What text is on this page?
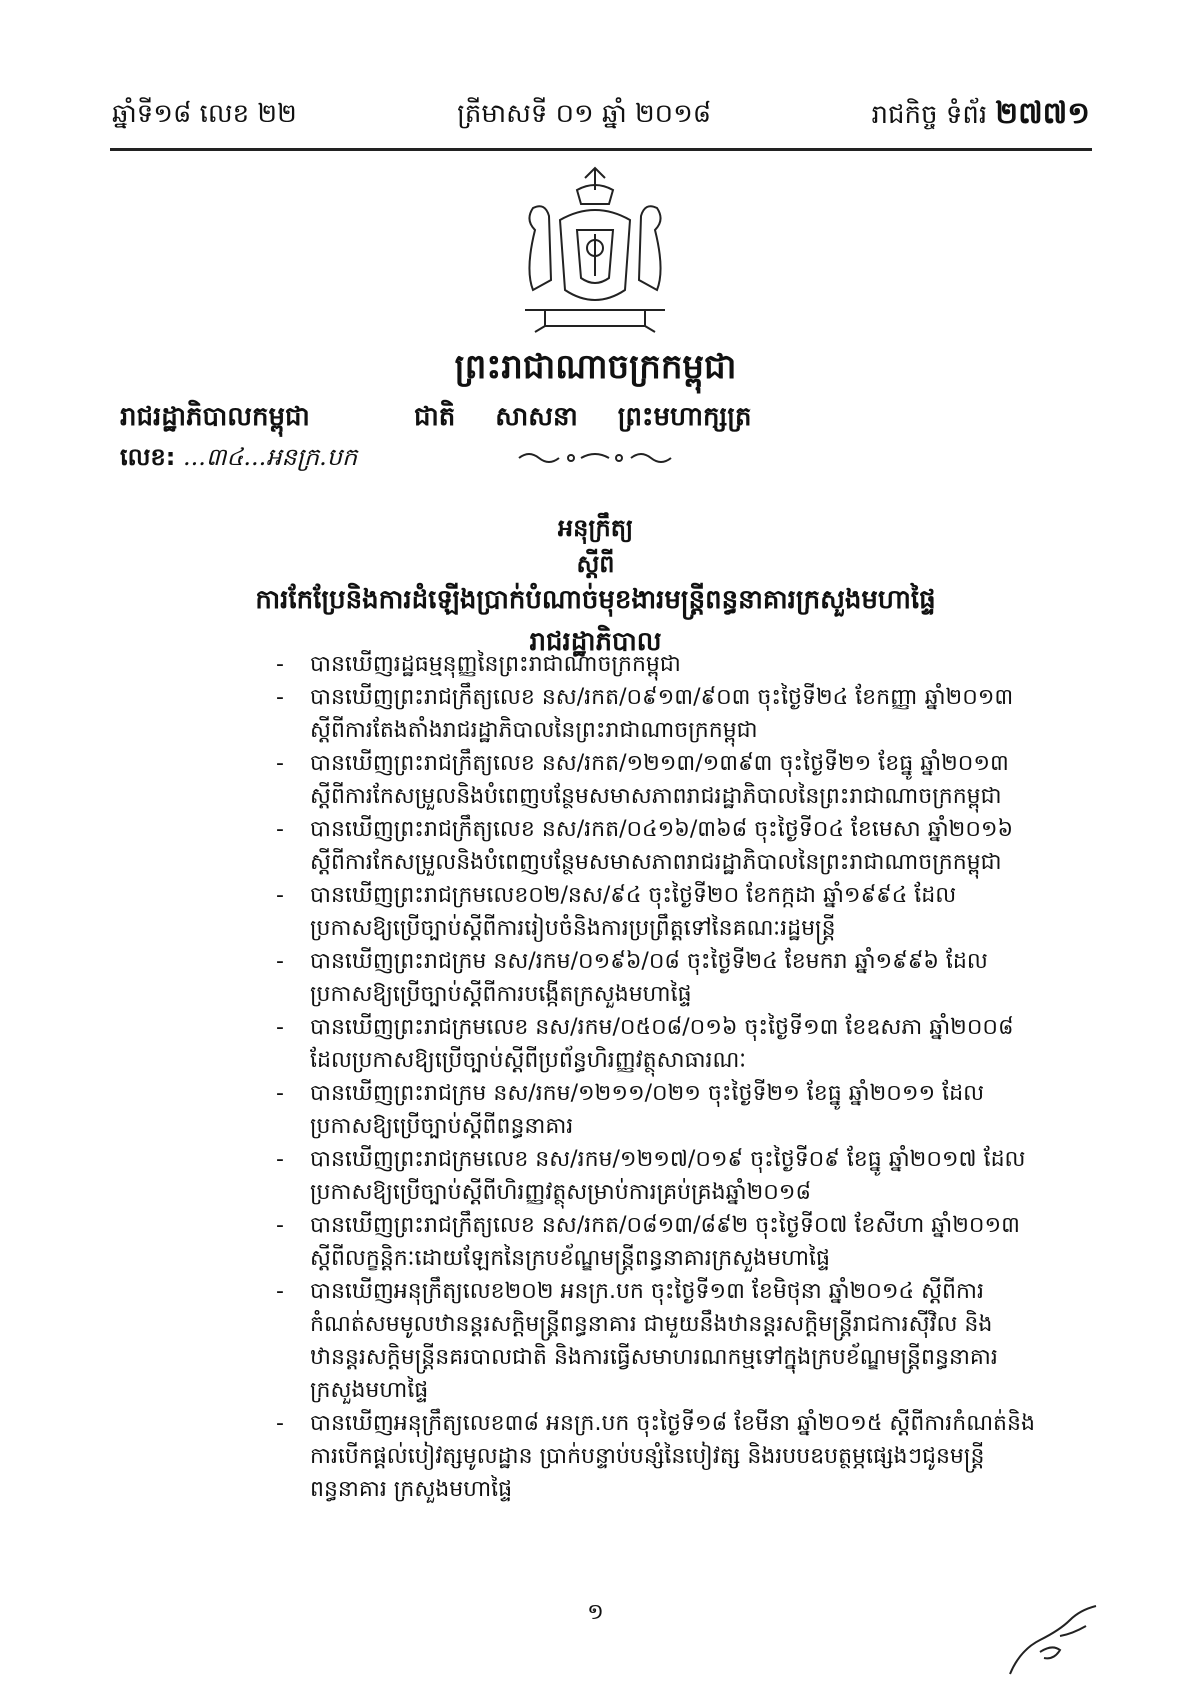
ឆ្នាំទី១៨ លេខ ២២	ត្រីមាសទី ០១ ឆ្នាំ ២០១៨	រាជកិច្ច ទំព័រ ២៧៧១
ព្រះរាជាណាចក្រកម្ពុជា
រាជរដ្ឋាភិបាលកម្ពុជា	ជាតិ សាសនា ព្រះមហាក្សត្រ
លេខ: ...៣៤...អនក្រ.បក
អនុក្រឹត្យ
ស្តីពី
ការកែប្រែនិងការដំឡើងប្រាក់បំណាច់មុខងារមន្ត្រីពន្ធនាគារក្រសួងមហាផ្ទៃ
រាជរដ្ឋាភិបាល
- បានឃើញរដ្ឋធម្មនុញ្ញនៃព្រះរាជាណាចក្រកម្ពុជា
- បានឃើញព្រះរាជក្រឹត្យលេខ នស/រកត/០៩១៣/៩០៣ ចុះថ្ងៃទី២៤ ខែកញ្ញា ឆ្នាំ២០១៣ ស្តីពីការតែងតាំងរាជរដ្ឋាភិបាលនៃព្រះរាជាណាចក្រកម្ពុជា
- បានឃើញព្រះរាជក្រឹត្យលេខ នស/រកត/១២១៣/១៣៩៣ ចុះថ្ងៃទី២១ ខែធ្នូ ឆ្នាំ២០១៣ ស្តីពីការកែសម្រួលនិងបំពេញបន្ថែមសមាសភាពរាជរដ្ឋាភិបាលនៃព្រះរាជាណាចក្រកម្ពុជា
- បានឃើញព្រះរាជក្រឹត្យលេខ នស/រកត/០៤១៦/៣៦៨ ចុះថ្ងៃទី០៤ ខែមេសា ឆ្នាំ២០១៦ ស្តីពីការកែសម្រួលនិងបំពេញបន្ថែមសមាសភាពរាជរដ្ឋាភិបាលនៃព្រះរាជាណាចក្រកម្ពុជា
- បានឃើញព្រះរាជក្រមលេខ០២/នស/៩៤ ចុះថ្ងៃទី២០ ខែកក្កដា ឆ្នាំ១៩៩៤ ដែលប្រកាសឱ្យប្រើច្បាប់ស្តីពីការរៀបចំនិងការប្រព្រឹត្តទៅនៃគណៈរដ្ឋមន្ត្រី
- បានឃើញព្រះរាជក្រម នស/រកម/០១៩៦/០៨ ចុះថ្ងៃទី២៤ ខែមករា ឆ្នាំ១៩៩៦ ដែលប្រកាសឱ្យប្រើច្បាប់ស្តីពីការបង្កើតក្រសួងមហាផ្ទៃ
- បានឃើញព្រះរាជក្រមលេខ នស/រកម/០៥០៨/០១៦ ចុះថ្ងៃទី១៣ ខែឧសភា ឆ្នាំ២០០៨ ដែលប្រកាសឱ្យប្រើច្បាប់ស្តីពីប្រព័ន្ធហិរញ្ញវត្ថុសាធារណៈ
- បានឃើញព្រះរាជក្រម នស/រកម/១២១១/០២១ ចុះថ្ងៃទី២១ ខែធ្នូ ឆ្នាំ២០១១ ដែលប្រកាសឱ្យប្រើច្បាប់ស្តីពីពន្ធនាគារ
- បានឃើញព្រះរាជក្រមលេខ នស/រកម/១២១៧/០១៩ ចុះថ្ងៃទី០៩ ខែធ្នូ ឆ្នាំ២០១៧ ដែលប្រកាសឱ្យប្រើច្បាប់ស្តីពីហិរញ្ញវត្ថុសម្រាប់ការគ្រប់គ្រងឆ្នាំ២០១៨
- បានឃើញព្រះរាជក្រឹត្យលេខ នស/រកត/០៨១៣/៨៩២ ចុះថ្ងៃទី០៧ ខែសីហា ឆ្នាំ២០១៣ ស្តីពីលក្ខន្តិកៈដោយឡែកនៃក្របខ័ណ្ឌមន្ត្រីពន្ធនាគារក្រសួងមហាផ្ទៃ
- បានឃើញអនុក្រឹត្យលេខ២០២ អនក្រ.បក ចុះថ្ងៃទី១៣ ខែមិថុនា ឆ្នាំ២០១៤ ស្តីពីការកំណត់សមមូលឋានន្តរសក្តិមន្ត្រីពន្ធនាគារ ជាមួយនឹងឋានន្តរសក្តិមន្ត្រីរាជការស៊ីវិល និងឋានន្តរសក្តិមន្ត្រីនគរបាលជាតិ និងការធ្វើសមាហរណកម្មទៅក្នុងក្របខ័ណ្ឌមន្ត្រីពន្ធនាគារក្រសួងមហាផ្ទៃ
- បានឃើញអនុក្រឹត្យលេខ៣៨ អនក្រ.បក ចុះថ្ងៃទី១៨ ខែមីនា ឆ្នាំ២០១៥ ស្តីពីការកំណត់និងការបើកផ្តល់បៀវត្សមូលដ្ឋាន ប្រាក់បន្ទាប់បន្សំនៃបៀវត្ស និងរបបឧបត្ថម្ភផ្សេងៗជូនមន្ត្រីពន្ធនាគារ ក្រសួងមហាផ្ទៃ
១
